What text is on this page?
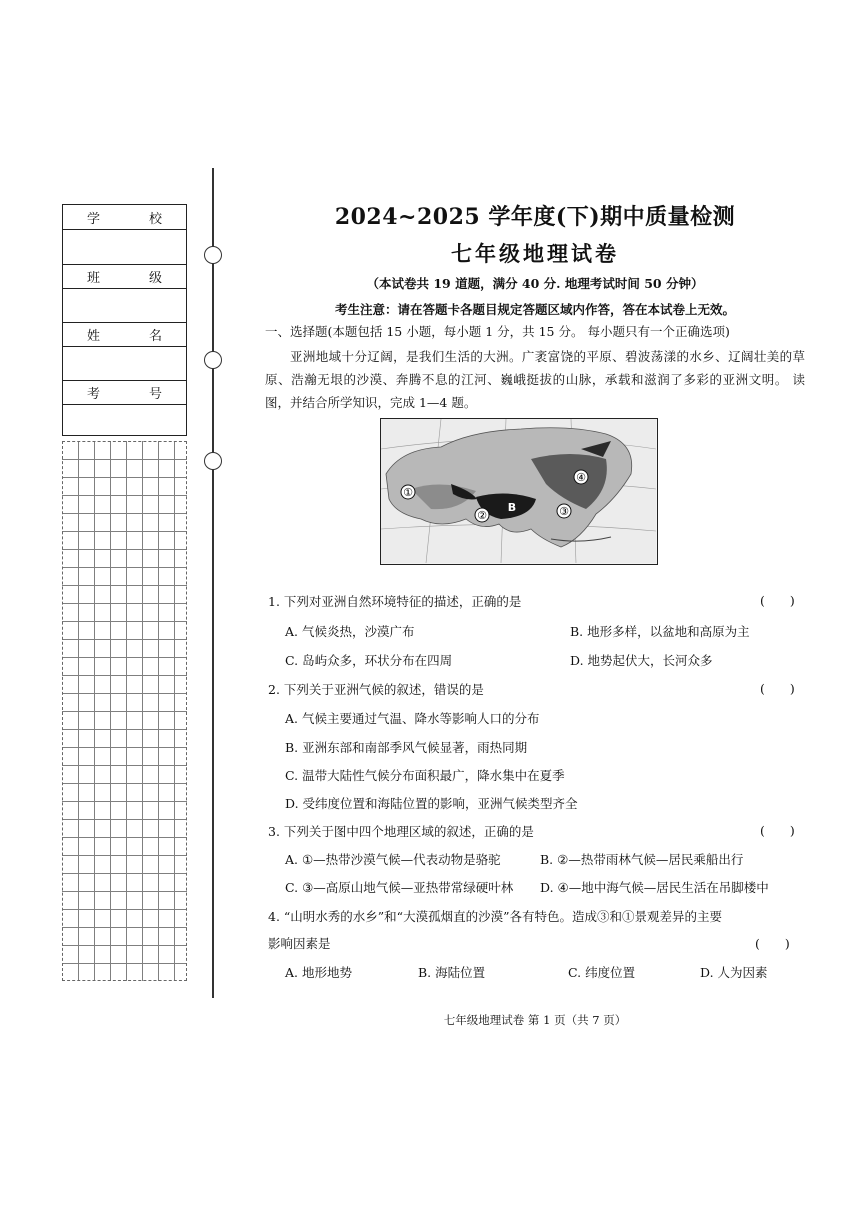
学　校
班　级
姓　名
考　号
2024~2025 学年度(下)期中质量检测
七年级地理试卷
（本试卷共 19 道题，满分 40 分. 地理考试时间 50 分钟）
考生注意：请在答题卡各题目规定答题区域内作答，答在本试卷上无效。
一、选择题(本题包括 15 小题，每小题 1 分，共 15 分。 每小题只有一个正确选项)
亚洲地域十分辽阔，是我们生活的大洲。广袤富饶的平原、碧波荡漾的水乡、辽阔壮美的草原、浩瀚无垠的沙漠、奔腾不息的江河、巍峨挺拔的山脉，承载和滋润了多彩的亚洲文明。 读图，并结合所学知识，完成 1—4 题。
①
②	③
④
B
1. 下列对亚洲自然环境特征的描述，正确的是	(　　)
A. 气候炎热，沙漠广布	B. 地形多样，以盆地和高原为主
C. 岛屿众多，环状分布在四周	D. 地势起伏大，长河众多
2. 下列关于亚洲气候的叙述，错误的是	(　　)
A. 气候主要通过气温、降水等影响人口的分布
B. 亚洲东部和南部季风气候显著，雨热同期
C. 温带大陆性气候分布面积最广，降水集中在夏季
D. 受纬度位置和海陆位置的影响，亚洲气候类型齐全
3. 下列关于图中四个地理区域的叙述，正确的是	(　　)
A. ①—热带沙漠气候—代表动物是骆驼	B. ②—热带雨林气候—居民乘船出行
C. ③—高原山地气候—亚热带常绿硬叶林 D. ④—地中海气候—居民生活在吊脚楼中
4. “山明水秀的水乡”和“大漠孤烟直的沙漠”各有特色。造成③和①景观差异的主要
影响因素是	(　　)
A. 地形地势	B. 海陆位置	C. 纬度位置	D. 人为因素
七年级地理试卷 第 1 页（共 7 页）
